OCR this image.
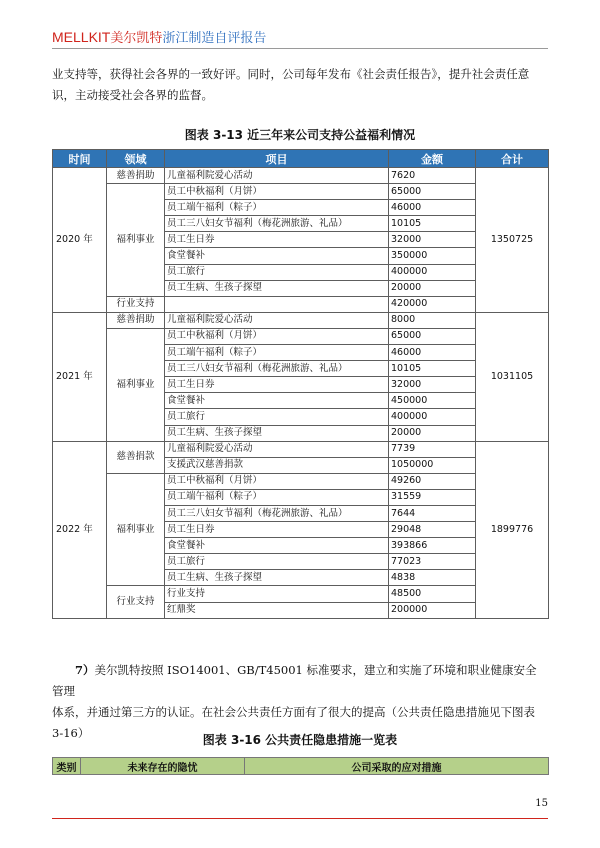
MELLKIT美尔凯特浙江制造自评报告

业支持等，获得社会各界的一致好评。同时，公司每年发布《社会责任报告》，提升社会责任意
识，主动接受社会各界的监督。

图表 3-13 近三年来公司支持公益福利情况

时间	领域	项目	金额	合计
2020 年	慈善捐助	儿童福利院爱心活动	7620	1350725
	福利事业	员工中秋福利（月饼）	65000	
		员工端午福利（粽子）	46000	
		员工三八妇女节福利（梅花洲旅游、礼品）	10105	
		员工生日券	32000	
		食堂餐补	350000	
		员工旅行	400000	
		员工生病、生孩子探望	20000	
	行业支持		420000	
2021 年	慈善捐助	儿童福利院爱心活动	8000	1031105
	福利事业	员工中秋福利（月饼）	65000	
		员工端午福利（粽子）	46000	
		员工三八妇女节福利（梅花洲旅游、礼品）	10105	
		员工生日券	32000	
		食堂餐补	450000	
		员工旅行	400000	
		员工生病、生孩子探望	20000	
2022 年	慈善捐款	儿童福利院爱心活动	7739	1899776
		支援武汉慈善捐款	1050000	
	福利事业	员工中秋福利（月饼）	49260	
		员工端午福利（粽子）	31559	
		员工三八妇女节福利（梅花洲旅游、礼品）	7644	
		员工生日券	29048	
		食堂餐补	393866	
		员工旅行	77023	
		员工生病、生孩子探望	4838	
	行业支持	行业支持	48500	
		红鼎奖	200000	

7）美尔凯特按照 ISO14001、GB/T45001 标准要求，建立和实施了环境和职业健康安全管理
体系，并通过第三方的认证。在社会公共责任方面有了很大的提高（公共责任隐患措施见下图表
3-16）	图表 3-16 公共责任隐患措施一览表

类别	未来存在的隐忧	公司采取的应对措施
15
